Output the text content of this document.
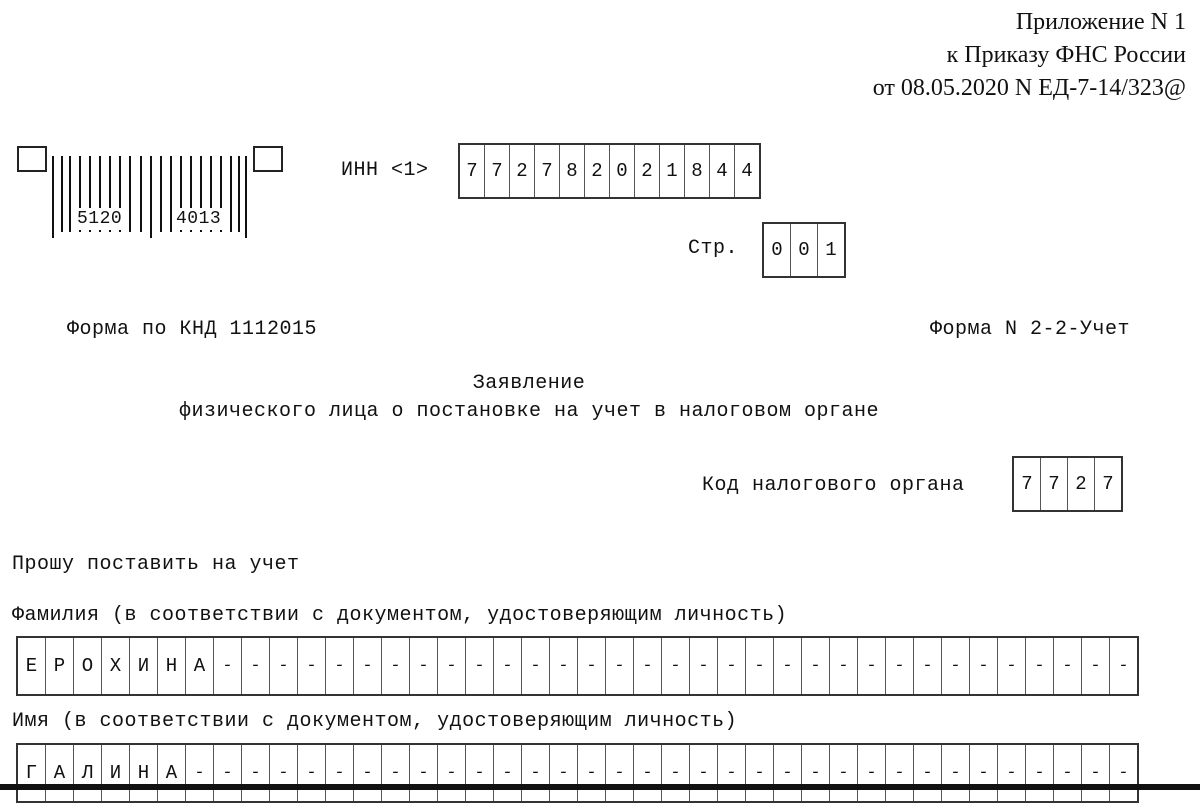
Приложение N 1
к Приказу ФНС России
от 08.05.2020 N ЕД-7-14/323@
5120	4013
ИНН <1>	7 7 2 7 8 2 0 2 1 8 4 4
Стр.	0 0 1
Форма по КНД 1112015	Форма N 2-2-Учет
Заявление
физического лица о постановке на учет в налоговом органе
Код налогового органа	7 7 2 7
Прошу поставить на учет
Фамилия (в соответствии с документом, удостоверяющим личность)
Е Р О Х И Н А	-	-	-	-	-	-	-	-	-	-	-	-	-	-	-	-	-	-	-	-	-	-	-	-	-	-	-	-	-	-	-	-	-
Имя (в соответствии с документом, удостоверяющим личность)
Г А Л И Н А	-	-	-	-	-	-	-	-	-	-	-	-	-	-	-	-	-	-	-	-	-	-	-	-	-	-	-	-	-	-	-	-	-	-
